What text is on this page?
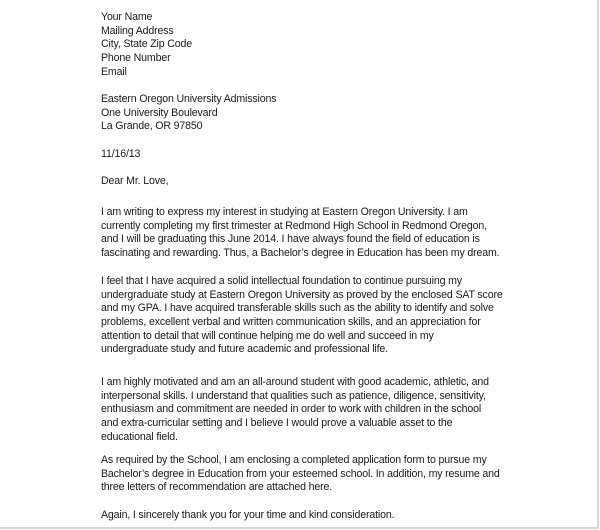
Your Name
Mailing Address
City, State Zip Code
Phone Number
Email
Eastern Oregon University Admissions
One University Boulevard
La Grande, OR 97850
11/16/13
Dear Mr. Love,
I am writing to express my interest in studying at Eastern Oregon University. I am
currently completing my first trimester at Redmond High School in Redmond Oregon,
and I will be graduating this June 2014. I have always found the field of education is
fascinating and rewarding. Thus, a Bachelor’s degree in Education has been my dream.
I feel that I have acquired a solid intellectual foundation to continue pursuing my
undergraduate study at Eastern Oregon University as proved by the enclosed SAT score
and my GPA. I have acquired transferable skills such as the ability to identify and solve
problems, excellent verbal and written communication skills, and an appreciation for
attention to detail that will continue helping me do well and succeed in my
undergraduate study and future academic and professional life.
I am highly motivated and am an all-around student with good academic, athletic, and
interpersonal skills. I understand that qualities such as patience, diligence, sensitivity,
enthusiasm and commitment are needed in order to work with children in the school
and extra-curricular setting and I believe I would prove a valuable asset to the
educational field.
As required by the School, I am enclosing a completed application form to pursue my
Bachelor’s degree in Education from your esteemed school. In addition, my resume and
three letters of recommendation are attached here.
Again, I sincerely thank you for your time and kind consideration.
